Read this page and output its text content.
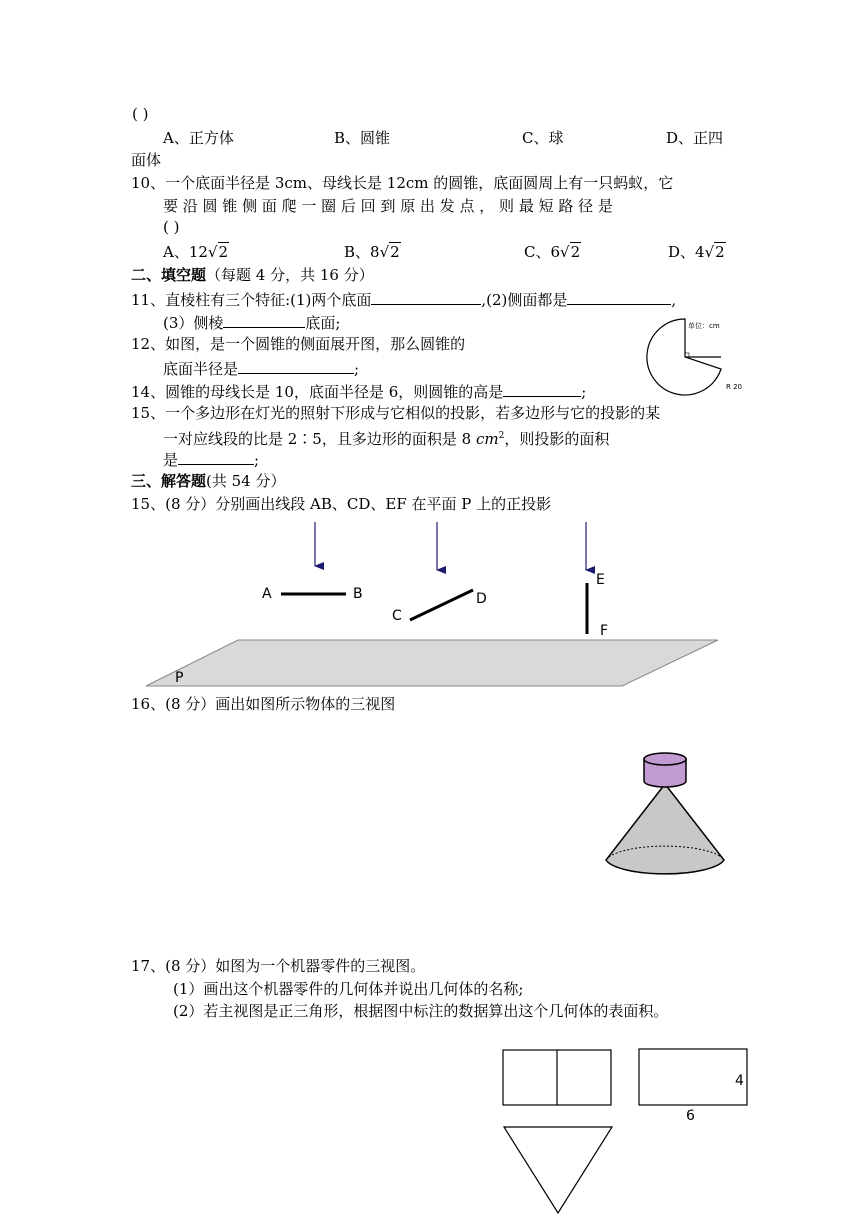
( )
A、正方体	B、圆锥	C、球	D、正四
面体
10、一个底面半径是 3cm、母线长是 12cm 的圆锥，底面圆周上有一只蚂蚁，它
要 沿 圆 锥 侧 面 爬 一 圈 后 回 到 原 出 发 点 ， 则 最 短 路 径 是
( )
A、12√2	B、8√2	C、6√2	D、4√2
二、填空题（每题 4 分，共 16 分）
11、直棱柱有三个特征:(1)两个底面	,(2)侧面都是	,
(3）侧棱	底面;
12、如图，是一个圆锥的侧面展开图，那么圆锥的
底面半径是	;
单位：cm
R 20
14、圆锥的母线长是 10，底面半径是 6，则圆锥的高是	;
15、一个多边形在灯光的照射下形成与它相似的投影，若多边形与它的投影的某
一对应线段的比是 2∶5，且多边形的面积是 8 $cm^2$，则投影的面积
是	;
三、解答题(共 54 分）
15、(8 分）分别画出线段 AB、CD、EF 在平面 P 上的正投影
A	B
C
D
E
F
P
16、(8 分）画出如图所示物体的三视图
17、(8 分）如图为一个机器零件的三视图。
(1）画出这个机器零件的几何体并说出几何体的名称;
(2）若主视图是正三角形，根据图中标注的数据算出这个几何体的表面积。
4
6
